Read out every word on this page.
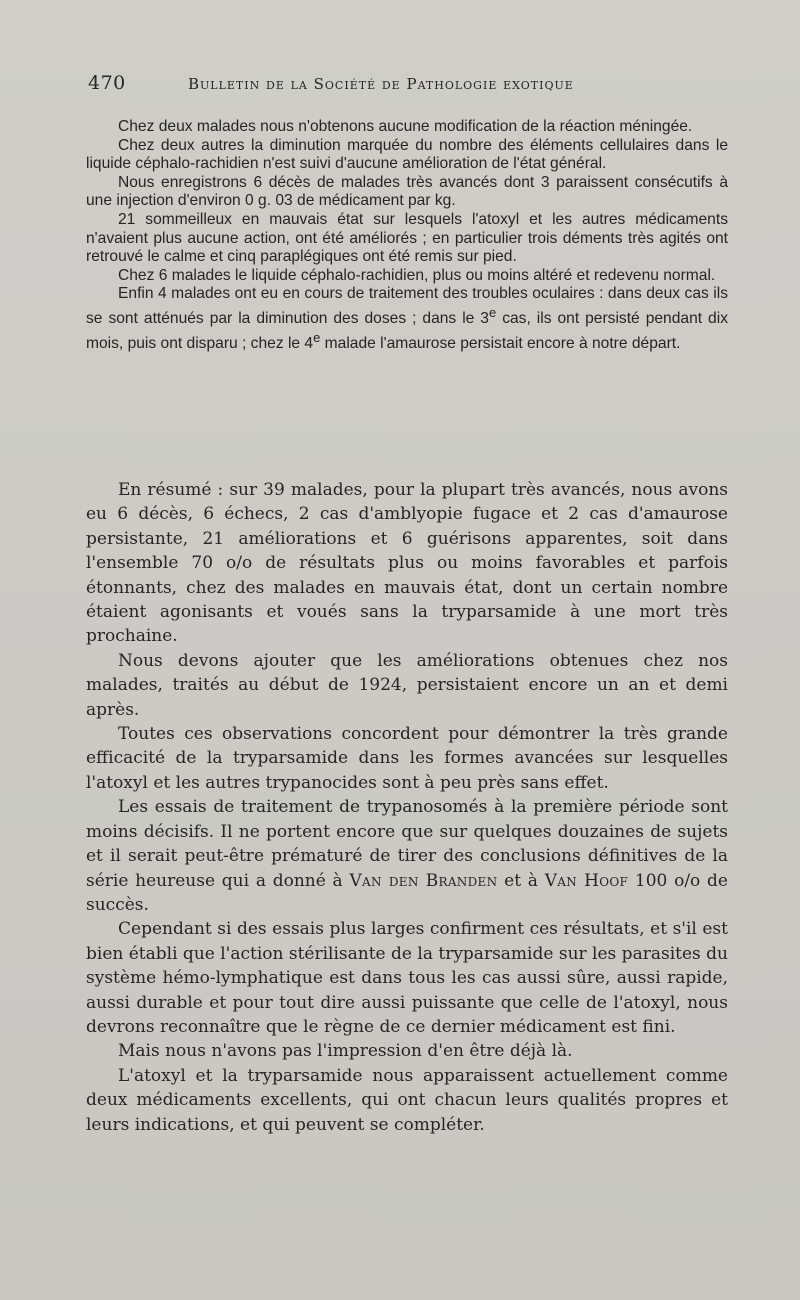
470	Bulletin de la Société de Pathologie exotique

Chez deux malades nous n'obtenons aucune modification de la réaction méningée.

Chez deux autres la diminution marquée du nombre des éléments cellulaires dans le liquide céphalo-rachidien n'est suivi d'aucune amélioration de l'état général.

Nous enregistrons 6 décès de malades très avancés dont 3 paraissent consécutifs à une injection d'environ 0 g. 03 de médicament par kg.

21 sommeilleux en mauvais état sur lesquels l'atoxyl et les autres médicaments n'avaient plus aucune action, ont été améliorés ; en particulier trois déments très agités ont retrouvé le calme et cinq paraplégiques ont été remis sur pied.

Chez 6 malades le liquide céphalo-rachidien, plus ou moins altéré et redevenu normal.

Enfin 4 malades ont eu en cours de traitement des troubles oculaires : dans deux cas ils se sont atténués par la diminution des doses ; dans le 3e cas, ils ont persisté pendant dix mois, puis ont disparu ; chez le 4e malade l'amaurose persistait encore à notre départ.

En résumé : sur 39 malades, pour la plupart très avancés, nous avons eu 6 décès, 6 échecs, 2 cas d'amblyopie fugace et 2 cas d'amaurose persistante, 21 améliorations et 6 guérisons apparentes, soit dans l'ensemble 70 o/o de résultats plus ou moins favorables et parfois étonnants, chez des malades en mauvais état, dont un certain nombre étaient agonisants et voués sans la tryparsamide à une mort très prochaine.

Nous devons ajouter que les améliorations obtenues chez nos malades, traités au début de 1924, persistaient encore un an et demi après.

Toutes ces observations concordent pour démontrer la très grande efficacité de la tryparsamide dans les formes avancées sur lesquelles l'atoxyl et les autres trypanocides sont à peu près sans effet.

Les essais de traitement de trypanosomés à la première période sont moins décisifs. Il ne portent encore que sur quelques douzaines de sujets et il serait peut-être prématuré de tirer des conclusions définitives de la série heureuse qui a donné à Van den Branden et à Van Hoof 100 o/o de succès.

Cependant si des essais plus larges confirment ces résultats, et s'il est bien établi que l'action stérilisante de la tryparsamide sur les parasites du système hémo-lymphatique est dans tous les cas aussi sûre, aussi rapide, aussi durable et pour tout dire aussi puissante que celle de l'atoxyl, nous devrons reconnaître que le règne de ce dernier médicament est fini.

Mais nous n'avons pas l'impression d'en être déjà là.

L'atoxyl et la tryparsamide nous apparaissent actuellement comme deux médicaments excellents, qui ont chacun leurs qualités propres et leurs indications, et qui peuvent se compléter.
